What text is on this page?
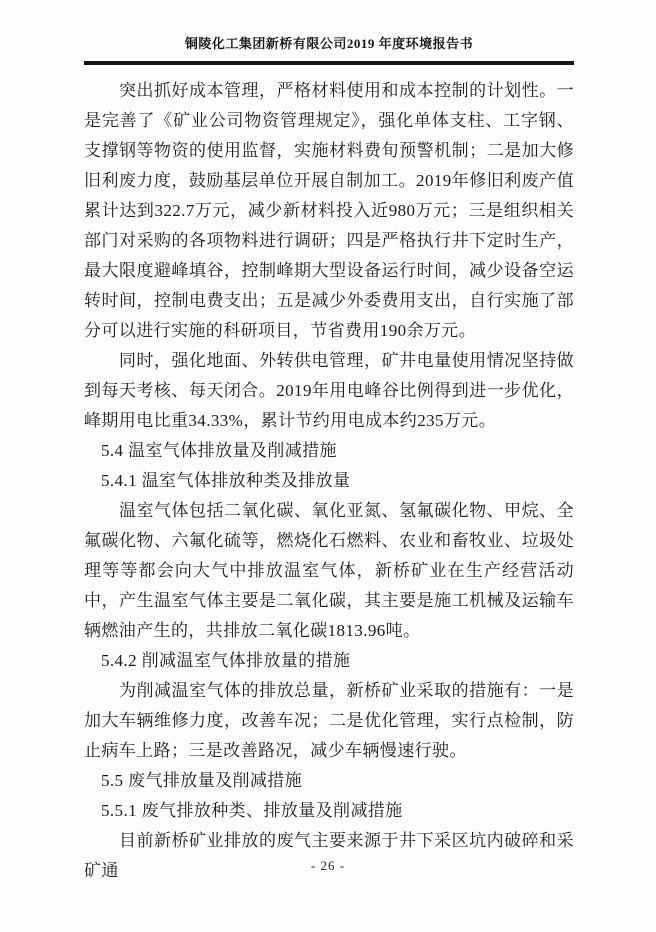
铜陵化工集团新桥有限公司2019 年度环境报告书

突出抓好成本管理，严格材料使用和成本控制的计划性。一是完善了《矿业公司物资管理规定》，强化单体支柱、工字钢、支撑钢等物资的使用监督，实施材料费旬预警机制；二是加大修旧利废力度，鼓励基层单位开展自制加工。2019年修旧利废产值累计达到322.7万元，减少新材料投入近980万元；三是组织相关部门对采购的各项物料进行调研；四是严格执行井下定时生产，最大限度避峰填谷，控制峰期大型设备运行时间，减少设备空运转时间，控制电费支出；五是减少外委费用支出，自行实施了部分可以进行实施的科研项目，节省费用190余万元。

同时，强化地面、外转供电管理，矿井电量使用情况坚持做到每天考核、每天闭合。2019年用电峰谷比例得到进一步优化，峰期用电比重34.33%，累计节约用电成本约235万元。

5.4 温室气体排放量及削减措施

5.4.1 温室气体排放种类及排放量

温室气体包括二氧化碳、氧化亚氮、氢氟碳化物、甲烷、全氟碳化物、六氟化硫等，燃烧化石燃料、农业和畜牧业、垃圾处理等等都会向大气中排放温室气体，新桥矿业在生产经营活动中，产生温室气体主要是二氧化碳，其主要是施工机械及运输车辆燃油产生的，共排放二氧化碳1813.96吨。

5.4.2 削减温室气体排放量的措施

为削减温室气体的排放总量，新桥矿业采取的措施有：一是加大车辆维修力度，改善车况；二是优化管理，实行点检制，防止病车上路；三是改善路况，减少车辆慢速行驶。

5.5 废气排放量及削减措施

5.5.1 废气排放种类、排放量及削减措施

目前新桥矿业排放的废气主要来源于井下采区坑内破碎和采矿通	- 26 -
